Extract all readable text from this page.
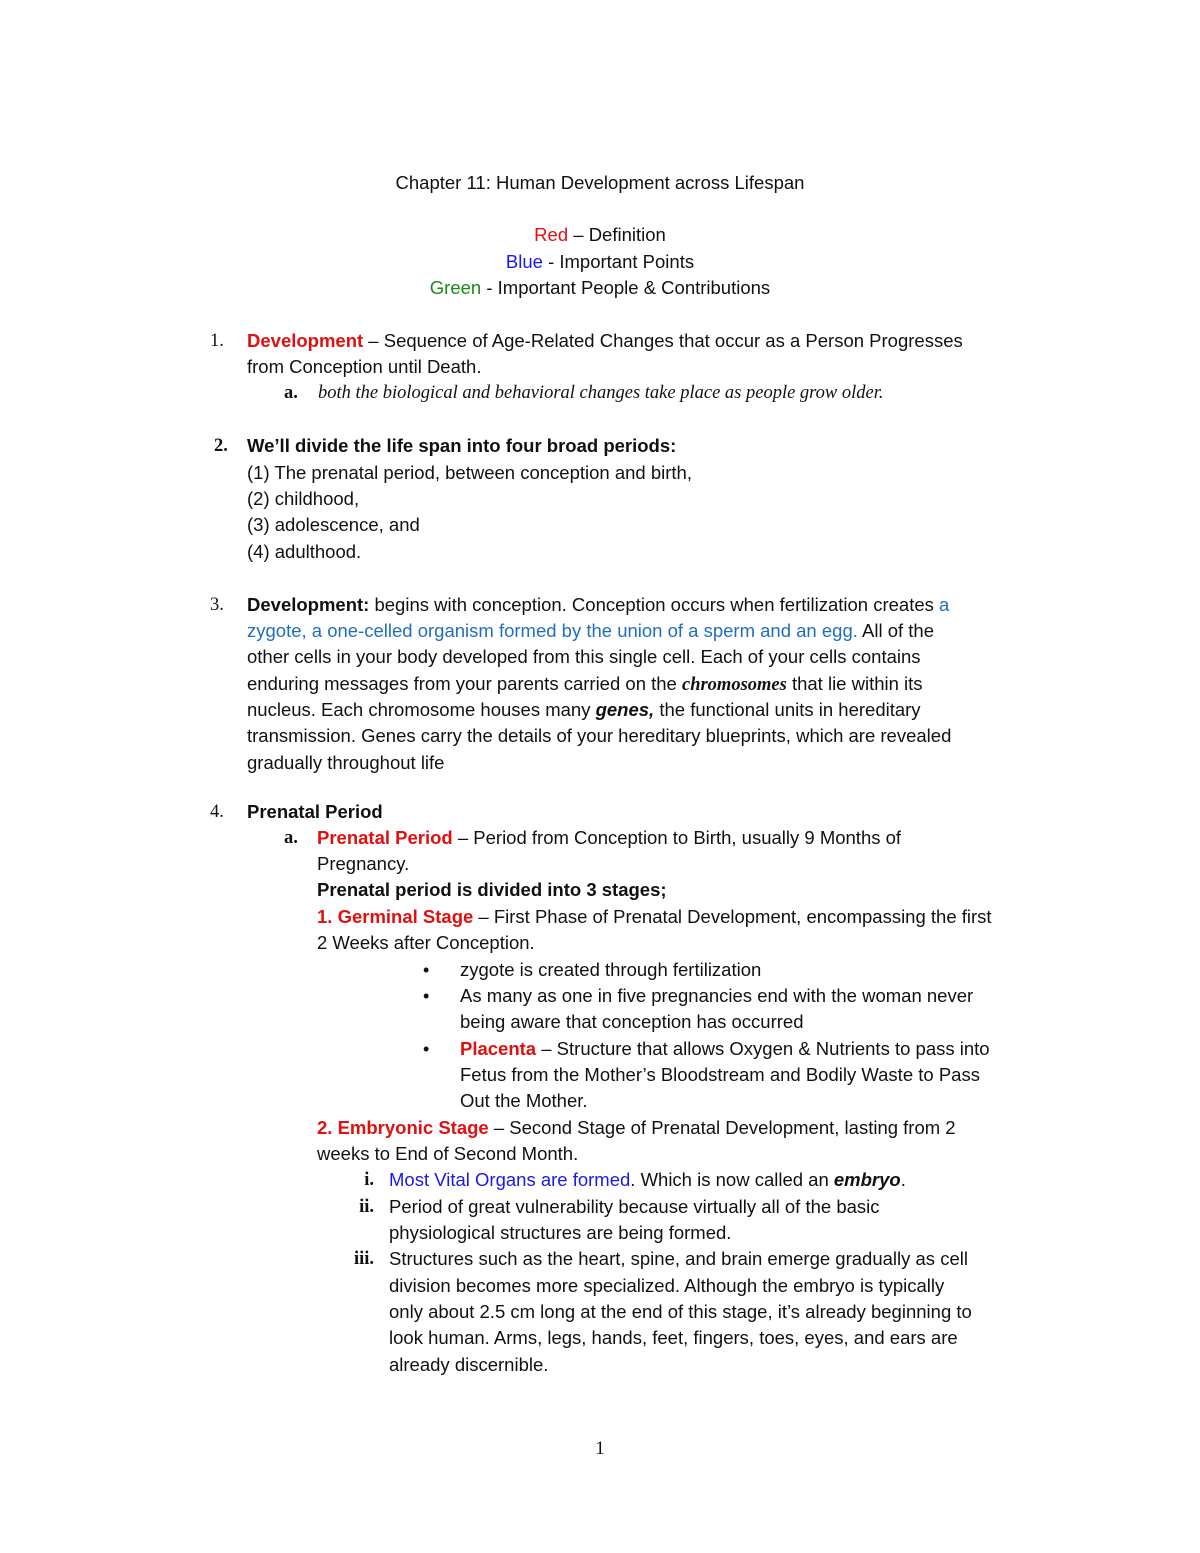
Chapter 11: Human Development across Lifespan
Red – Definition
Blue - Important Points
Green - Important People & Contributions
1. Development – Sequence of Age-Related Changes that occur as a Person Progresses
from Conception until Death.
a. both the biological and behavioral changes take place as people grow older.
2. We’ll divide the life span into four broad periods:
(1) The prenatal period, between conception and birth,
(2) childhood,
(3) adolescence, and
(4) adulthood.
3. Development: begins with conception. Conception occurs when fertilization creates a
zygote, a one-celled organism formed by the union of a sperm and an egg. All of the
other cells in your body developed from this single cell. Each of your cells contains
enduring messages from your parents carried on the chromosomes that lie within its
nucleus. Each chromosome houses many genes, the functional units in hereditary
transmission. Genes carry the details of your hereditary blueprints, which are revealed
gradually throughout life
4. Prenatal Period
a. Prenatal Period – Period from Conception to Birth, usually 9 Months of
Pregnancy.
Prenatal period is divided into 3 stages;
1. Germinal Stage – First Phase of Prenatal Development, encompassing the first
2 Weeks after Conception.
• zygote is created through fertilization
• As many as one in five pregnancies end with the woman never
being aware that conception has occurred
• Placenta – Structure that allows Oxygen & Nutrients to pass into
Fetus from the Mother’s Bloodstream and Bodily Waste to Pass
Out the Mother.
2. Embryonic Stage – Second Stage of Prenatal Development, lasting from 2
weeks to End of Second Month.
i. Most Vital Organs are formed. Which is now called an embryo.
ii. Period of great vulnerability because virtually all of the basic
physiological structures are being formed.
iii. Structures such as the heart, spine, and brain emerge gradually as cell
division becomes more specialized. Although the embryo is typically
only about 2.5 cm long at the end of this stage, it’s already beginning to
look human. Arms, legs, hands, feet, fingers, toes, eyes, and ears are
already discernible.
1
